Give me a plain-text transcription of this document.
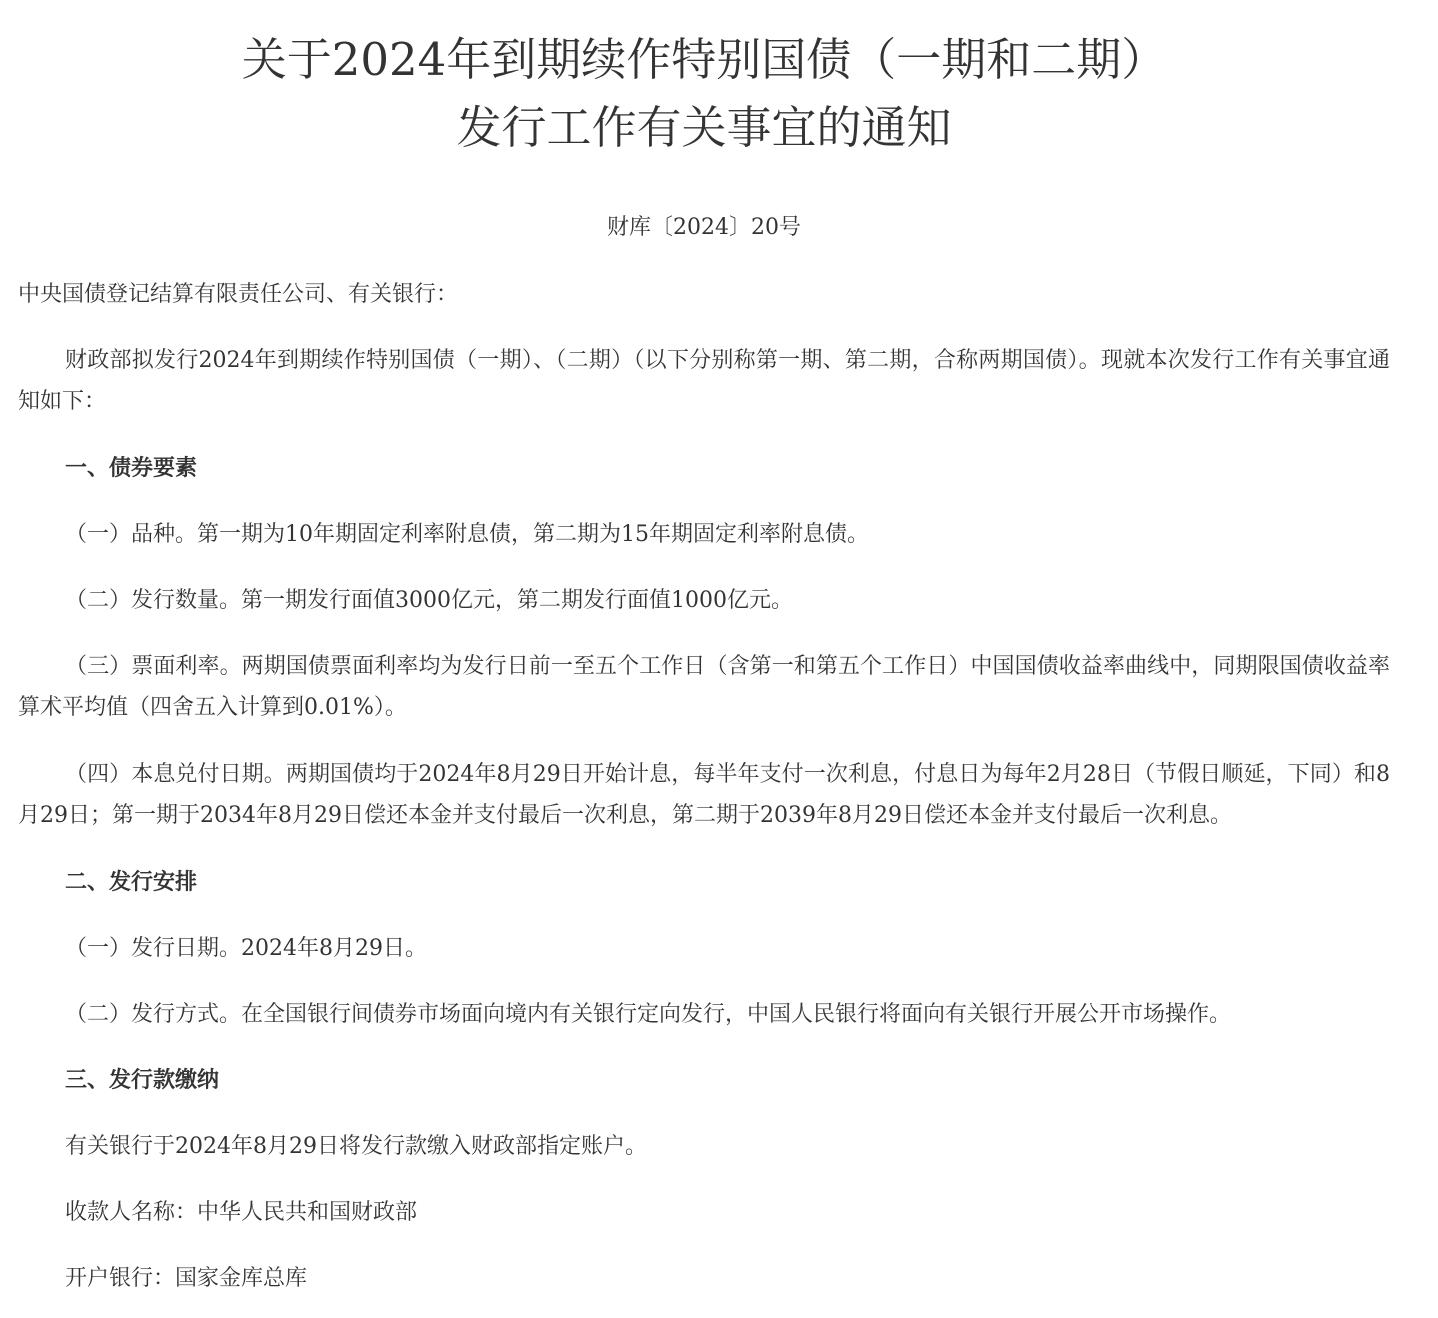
关于2024年到期续作特别国债（一期和二期）
发行工作有关事宜的通知

财库〔2024〕20号

中央国债登记结算有限责任公司、有关银行：

财政部拟发行2024年到期续作特别国债（一期）、（二期）（以下分别称第一期、第二期，合称两期国债）。现就本次发行工作有关事宜通知如下：

一、债券要素

（一）品种。第一期为10年期固定利率附息债，第二期为15年期固定利率附息债。

（二）发行数量。第一期发行面值3000亿元，第二期发行面值1000亿元。

（三）票面利率。两期国债票面利率均为发行日前一至五个工作日（含第一和第五个工作日）中国国债收益率曲线中，同期限国债收益率算术平均值（四舍五入计算到0.01%）。

（四）本息兑付日期。两期国债均于2024年8月29日开始计息，每半年支付一次利息，付息日为每年2月28日（节假日顺延，下同）和8月29日；第一期于2034年8月29日偿还本金并支付最后一次利息，第二期于2039年8月29日偿还本金并支付最后一次利息。

二、发行安排

（一）发行日期。2024年8月29日。

（二）发行方式。在全国银行间债券市场面向境内有关银行定向发行，中国人民银行将面向有关银行开展公开市场操作。

三、发行款缴纳

有关银行于2024年8月29日将发行款缴入财政部指定账户。

收款人名称：中华人民共和国财政部

开户银行：国家金库总库
